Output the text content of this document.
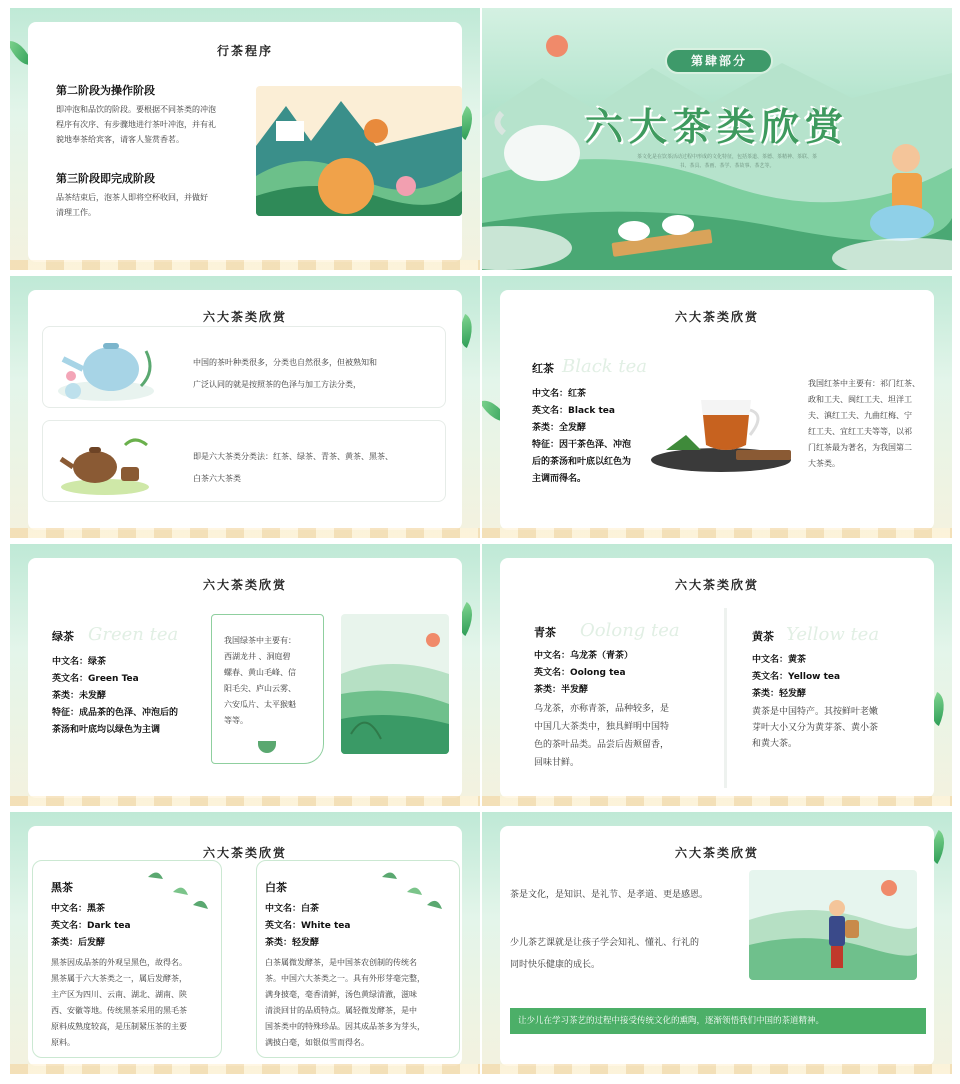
行茶程序
第二阶段为操作阶段
即冲泡和品饮的阶段。要根据不同茶类的冲泡
程序有次序、有步骤地进行茶叶冲泡，并有礼
貌地奉茶给宾客，请客人鉴赏香茗。
第三阶段即完成阶段
品茶结束后，泡茶人即将空杯收回，并做好
清理工作。
第肆部分
六大茶类欣赏
茶文化是在饮茶活动过程中形成的文化特征，包括茶道、茶德、茶精神、茶联、茶
书、茶具、茶画、茶学、茶故事、茶艺等。
六大茶类欣赏
中国的茶叶种类很多，分类也自然很多，但被熟知和
广泛认同的就是按照茶的色泽与加工方法分类，
即是六大茶类分类法：红茶、绿茶、青茶、黄茶、黑茶、
白茶六大茶类
六大茶类欣赏
Black tea
红茶
中文名：红茶
英文名：Black tea
茶类：全发酵
特征：因干茶色泽、冲泡
后的茶汤和叶底以红色为
主调而得名。
我国红茶中主要有：祁门红茶、
政和工夫、闽红工夫、坦洋工
夫、滇红工夫、九曲红梅、宁
红工夫、宜红工夫等等，以祁
门红茶最为著名，为我国第二
大茶类。
六大茶类欣赏
Green tea
绿茶
中文名：绿茶
英文名：Green Tea
茶类：未发酵
特征：成品茶的色泽、冲泡后的
茶汤和叶底均以绿色为主调
我国绿茶中主要有：
西湖龙井 、洞庭碧
螺春、黄山毛峰、信
阳毛尖、庐山云雾、
六安瓜片、太平猴魁
等等。
六大茶类欣赏
Oolong tea
青茶
中文名：乌龙茶（青茶）
英文名：Oolong tea
茶类：半发酵
乌龙茶，亦称青茶，品种较多，是
中国几大茶类中，独具鲜明中国特
色的茶叶品类。品尝后齿颊留香，
回味甘鲜。
Yellow tea
黄茶
中文名：黄茶
英文名：Yellow tea
茶类：轻发酵
黄茶是中国特产。其按鲜叶老嫩
芽叶大小又分为黄芽茶、黄小茶
和黄大茶。
六大茶类欣赏
黑茶
中文名：黑茶
英文名：Dark tea
茶类：后发酵
黑茶因成品茶的外观呈黑色，故得名。
黑茶属于六大茶类之一，属后发酵茶，
主产区为四川、云南、湖北、湖南、陕
西、安徽等地。传统黑茶采用的黑毛茶
原料成熟度较高，是压制紧压茶的主要
原料。
白茶
中文名：白茶
英文名：White tea
茶类：轻发酵
白茶属微发酵茶，是中国茶农创制的传统名
茶。中国六大茶类之一。具有外形芽毫完整，
满身披毫，毫香清鲜，汤色黄绿清澈，滋味
清淡回甘的品质特点。属轻微发酵茶，是中
国茶类中的特殊珍品。因其成品茶多为芽头，
满披白毫，如银似雪而得名。
六大茶类欣赏
茶是文化，是知识、是礼节、是孝道、更是感恩。
少儿茶艺课就是让孩子学会知礼、懂礼、行礼的
同时快乐健康的成长。
让少儿在学习茶艺的过程中接受传统文化的熏陶，逐渐领悟我们中国的茶道精神。
